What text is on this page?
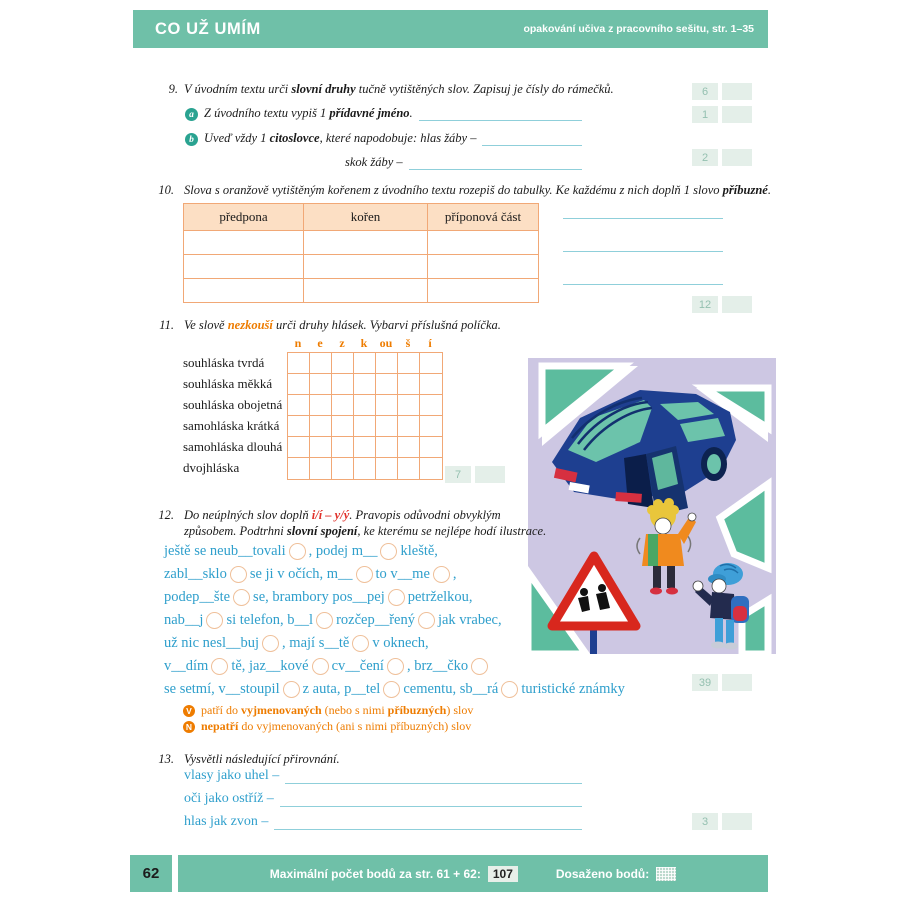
CO UŽ UMÍM	opakování učiva z pracovního sešitu, str. 1–35
9. V úvodním textu urči slovní druhy tučně vytištěných slov. Zapisuj je čísly do rámečků.	6
a Z úvodního textu vypiš 1 přídavné jméno.	1
b Uveď vždy 1 citoslovce, které napodobuje: hlas žáby –
skok žáby –	2
10. Slova s oranžově vytištěným kořenem z úvodního textu rozepiš do tabulky. Ke každému z nich doplň 1 slovo příbuzné.
předpona	kořen	příponová část
12
11. Ve slově nezkouší urči druhy hlásek. Vybarvi příslušná políčka.
n	e	z	k	ou	š	í
souhláska tvrdá
souhláska měkká
souhláska obojetná
samohláska krátká
samohláska dlouhá
dvojhláska	7
12. Do neúplných slov doplň i/í – y/ý. Pravopis odůvodni obvyklým
způsobem. Podtrhni slovní spojení, ke kterému se nejlépe hodí ilustrace.
ještě se neub__tovali , podej m__ kleště,
zabl__sklo se ji v očích, m__ to v__me ,
podep__šte se, brambory pos__pej petrželkou,
nab__j si telefon, b__l rozčep__řený jak vrabec,
už nic nesl__buj , mají s__tě v oknech,
v__dím tě, jaz__kové cv__čení , brz__čko
se setmí, v__stoupil z auta, p__tel cementu, sb__rá turistické známky	39
V patří do vyjmenovaných (nebo s nimi příbuzných) slov
N nepatří do vyjmenovaných (ani s nimi příbuzných) slov
13. Vysvětli následující přirovnání.
vlasy jako uhel –
oči jako ostříž –
hlas jak zvon –	3
62	Maximální počet bodů za str. 61 + 62:	107	Dosaženo bodů:
